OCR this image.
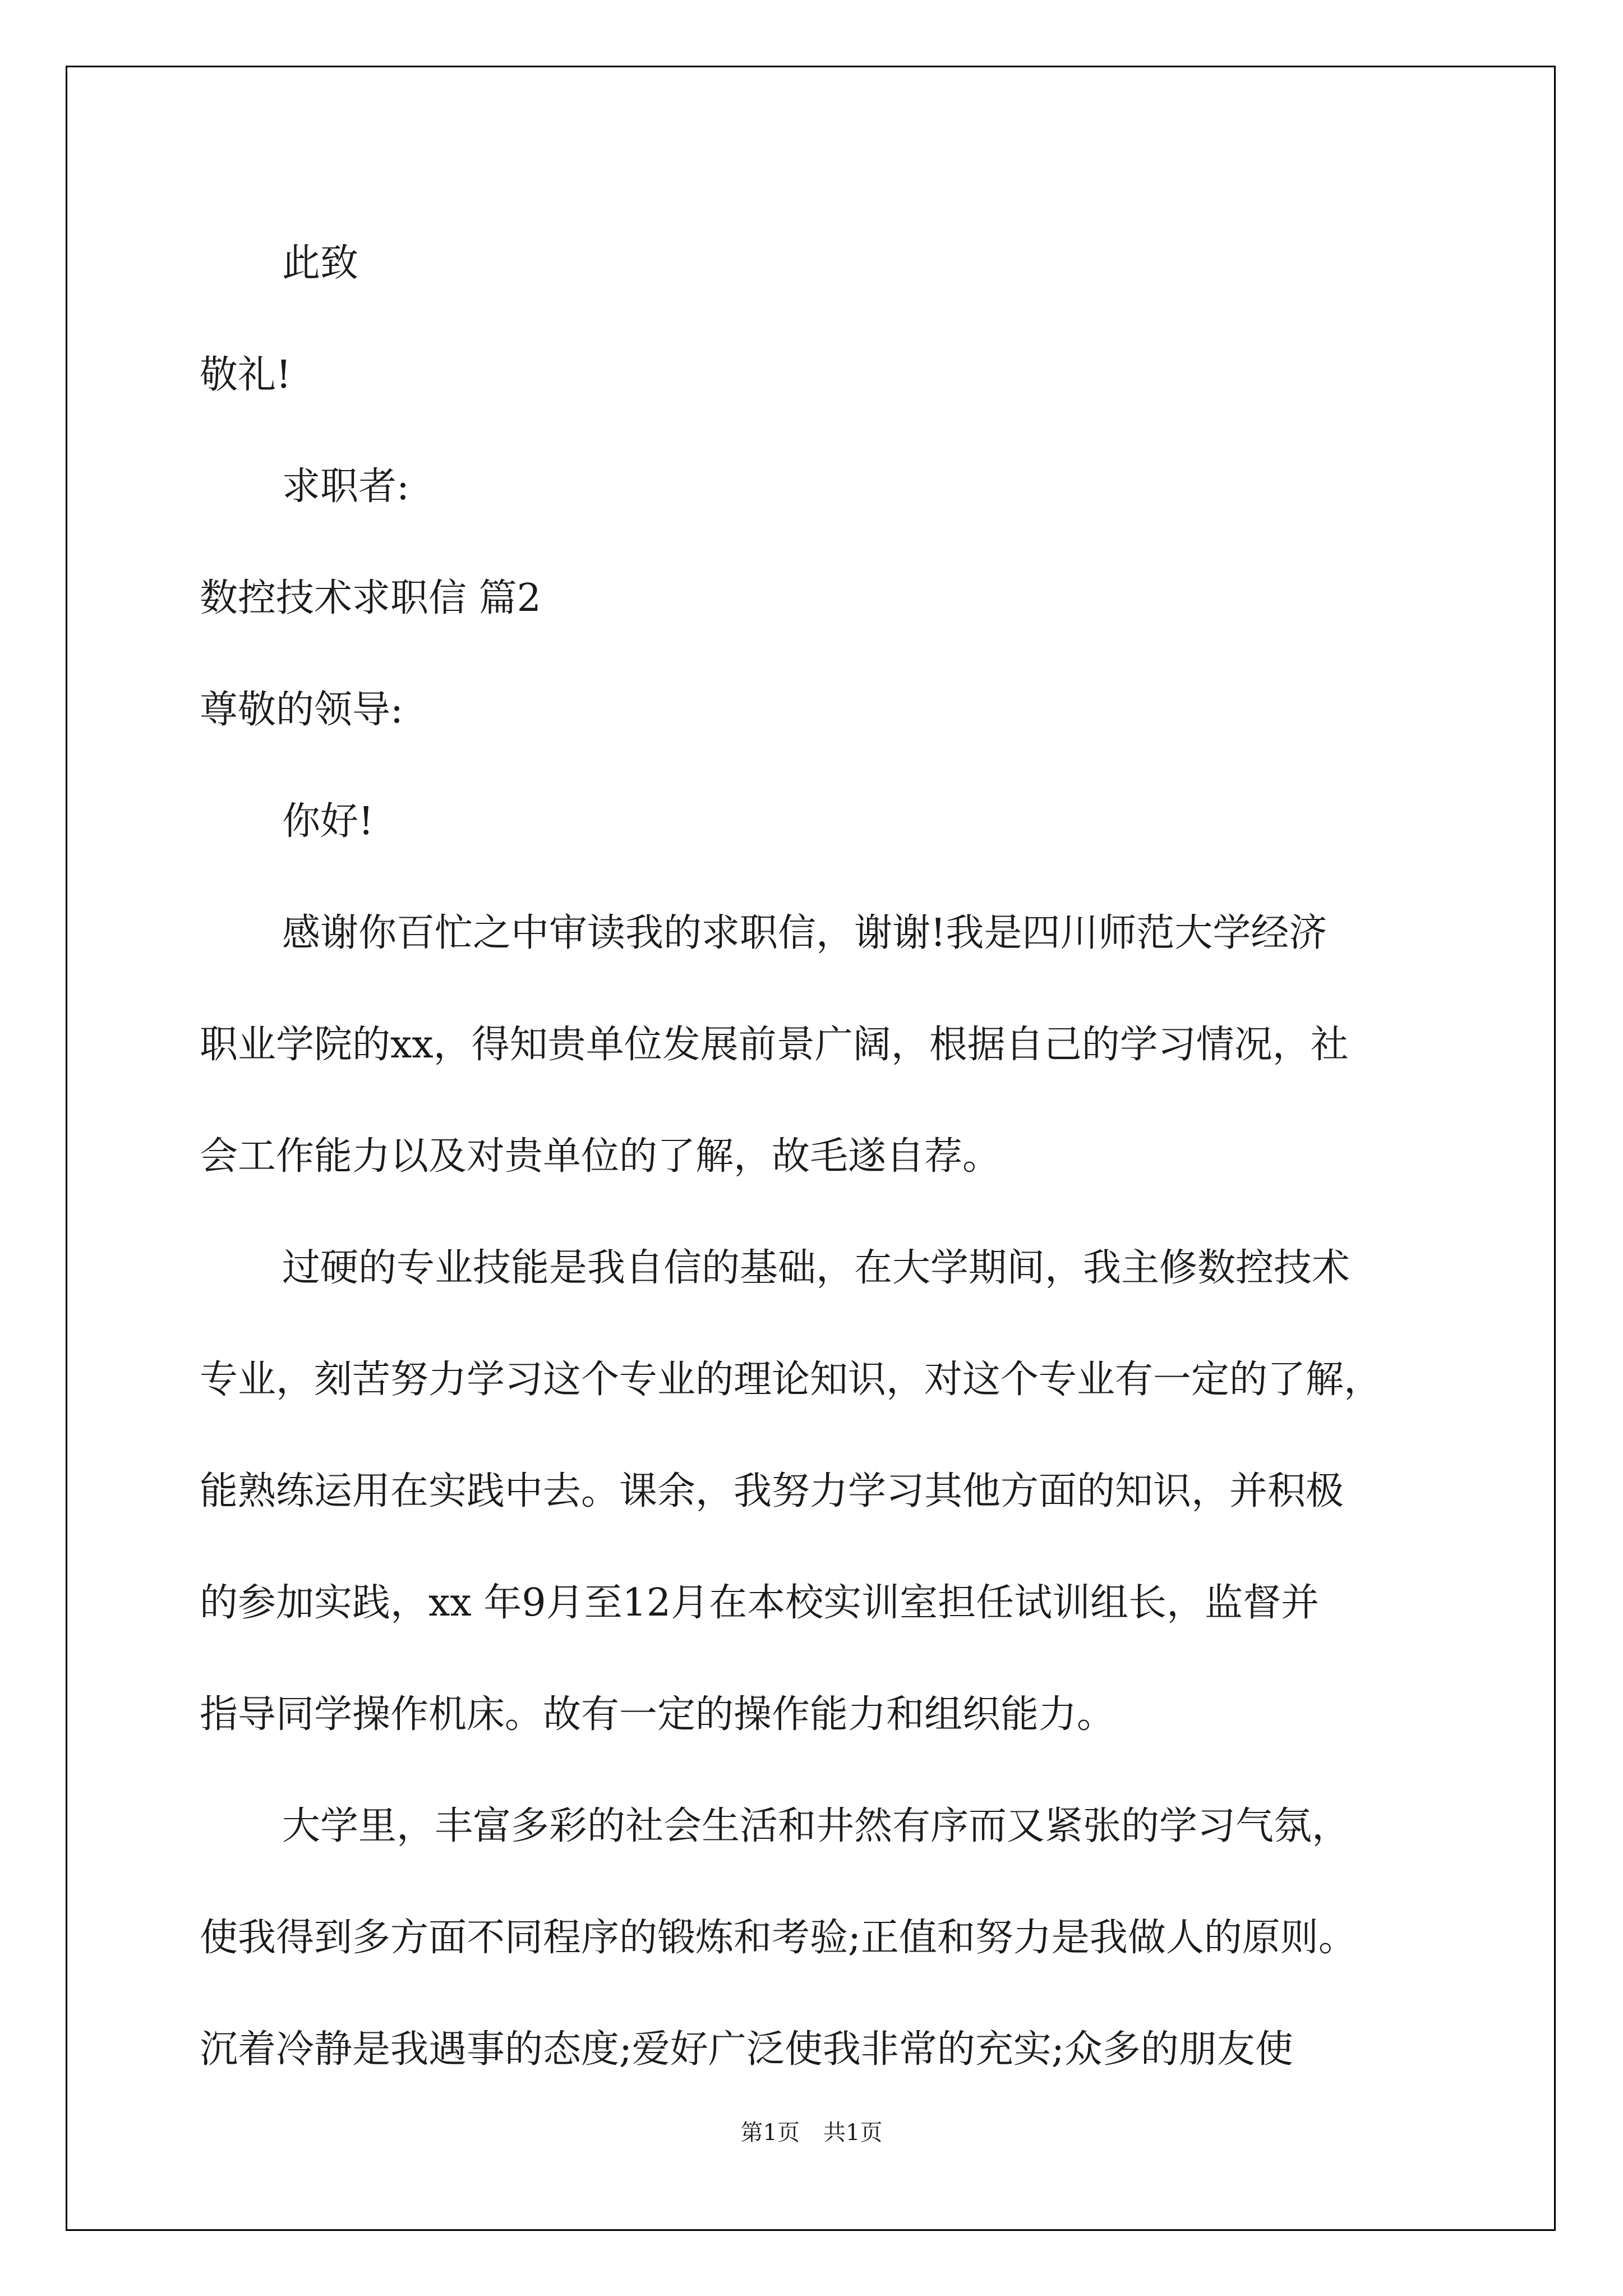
此致

敬礼!

求职者:

数控技术求职信 篇2

尊敬的领导:

你好!

感谢你百忙之中审读我的求职信，谢谢!我是四川师范大学经济
职业学院的xx，得知贵单位发展前景广阔，根据自己的学习情况，社
会工作能力以及对贵单位的了解，故毛遂自荐。
过硬的专业技能是我自信的基础，在大学期间，我主修数控技术
专业，刻苦努力学习这个专业的理论知识，对这个专业有一定的了解，
能熟练运用在实践中去。课余，我努力学习其他方面的知识，并积极
的参加实践，xx 年9月至12月在本校实训室担任试训组长，监督并
指导同学操作机床。故有一定的操作能力和组织能力。
大学里，丰富多彩的社会生活和井然有序而又紧张的学习气氛，
使我得到多方面不同程序的锻炼和考验;正值和努力是我做人的原则。
沉着冷静是我遇事的态度;爱好广泛使我非常的充实;众多的朋友使
第1页 共1页
